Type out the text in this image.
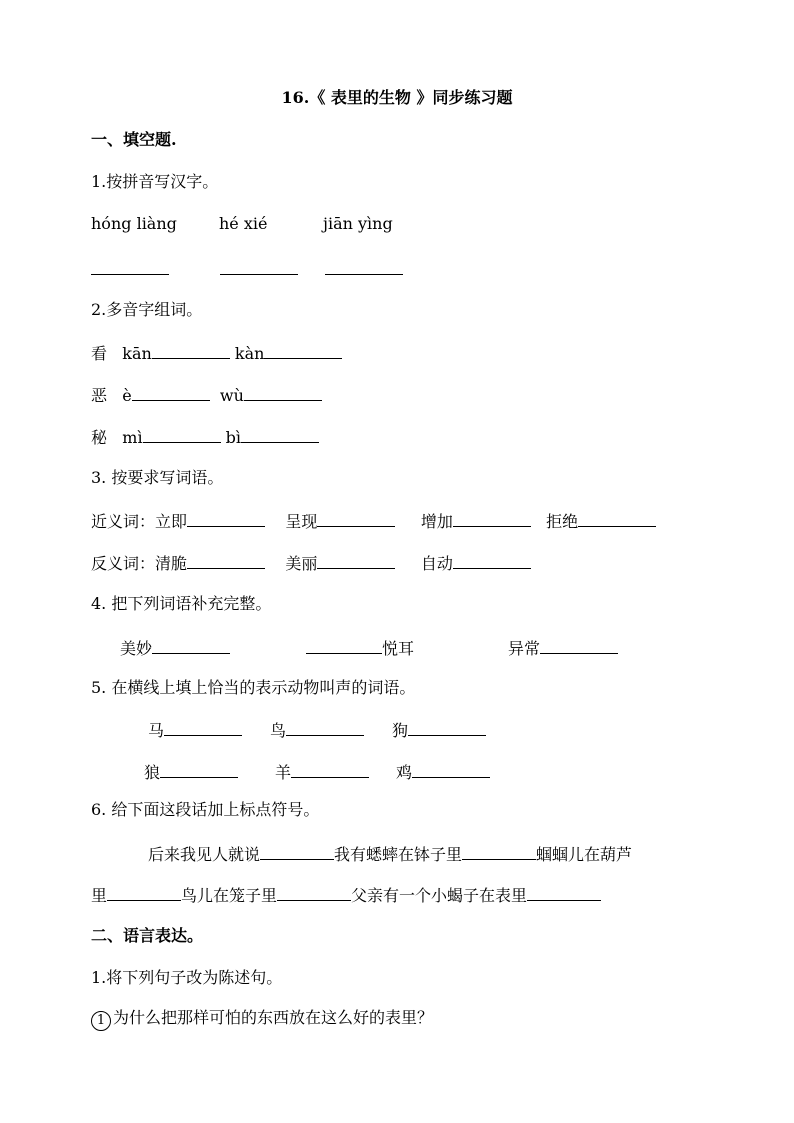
16.《 表里的生物 》同步练习题
一、填空题.
1.按拼音写汉字。
hóng liàng	hé xié	jiān yìng
2.多音字组词。
看 kān	kàn
恶 è	wù
秘 mì	bì
3. 按要求写词语。
近义词：立即	呈现	增加	拒绝
反义词：清脆	美丽	自动
4. 把下列词语补充完整。
美妙	悦耳	异常
5. 在横线上填上恰当的表示动物叫声的词语。
马	鸟	狗
狼	羊	鸡
6. 给下面这段话加上标点符号。
后来我见人就说	我有蟋蟀在钵子里	蝈蝈儿在葫芦
里	鸟儿在笼子里	父亲有一个小蝎子在表里
二、语言表达。
1.将下列句子改为陈述句。
1 为什么把那样可怕的东西放在这么好的表里？
